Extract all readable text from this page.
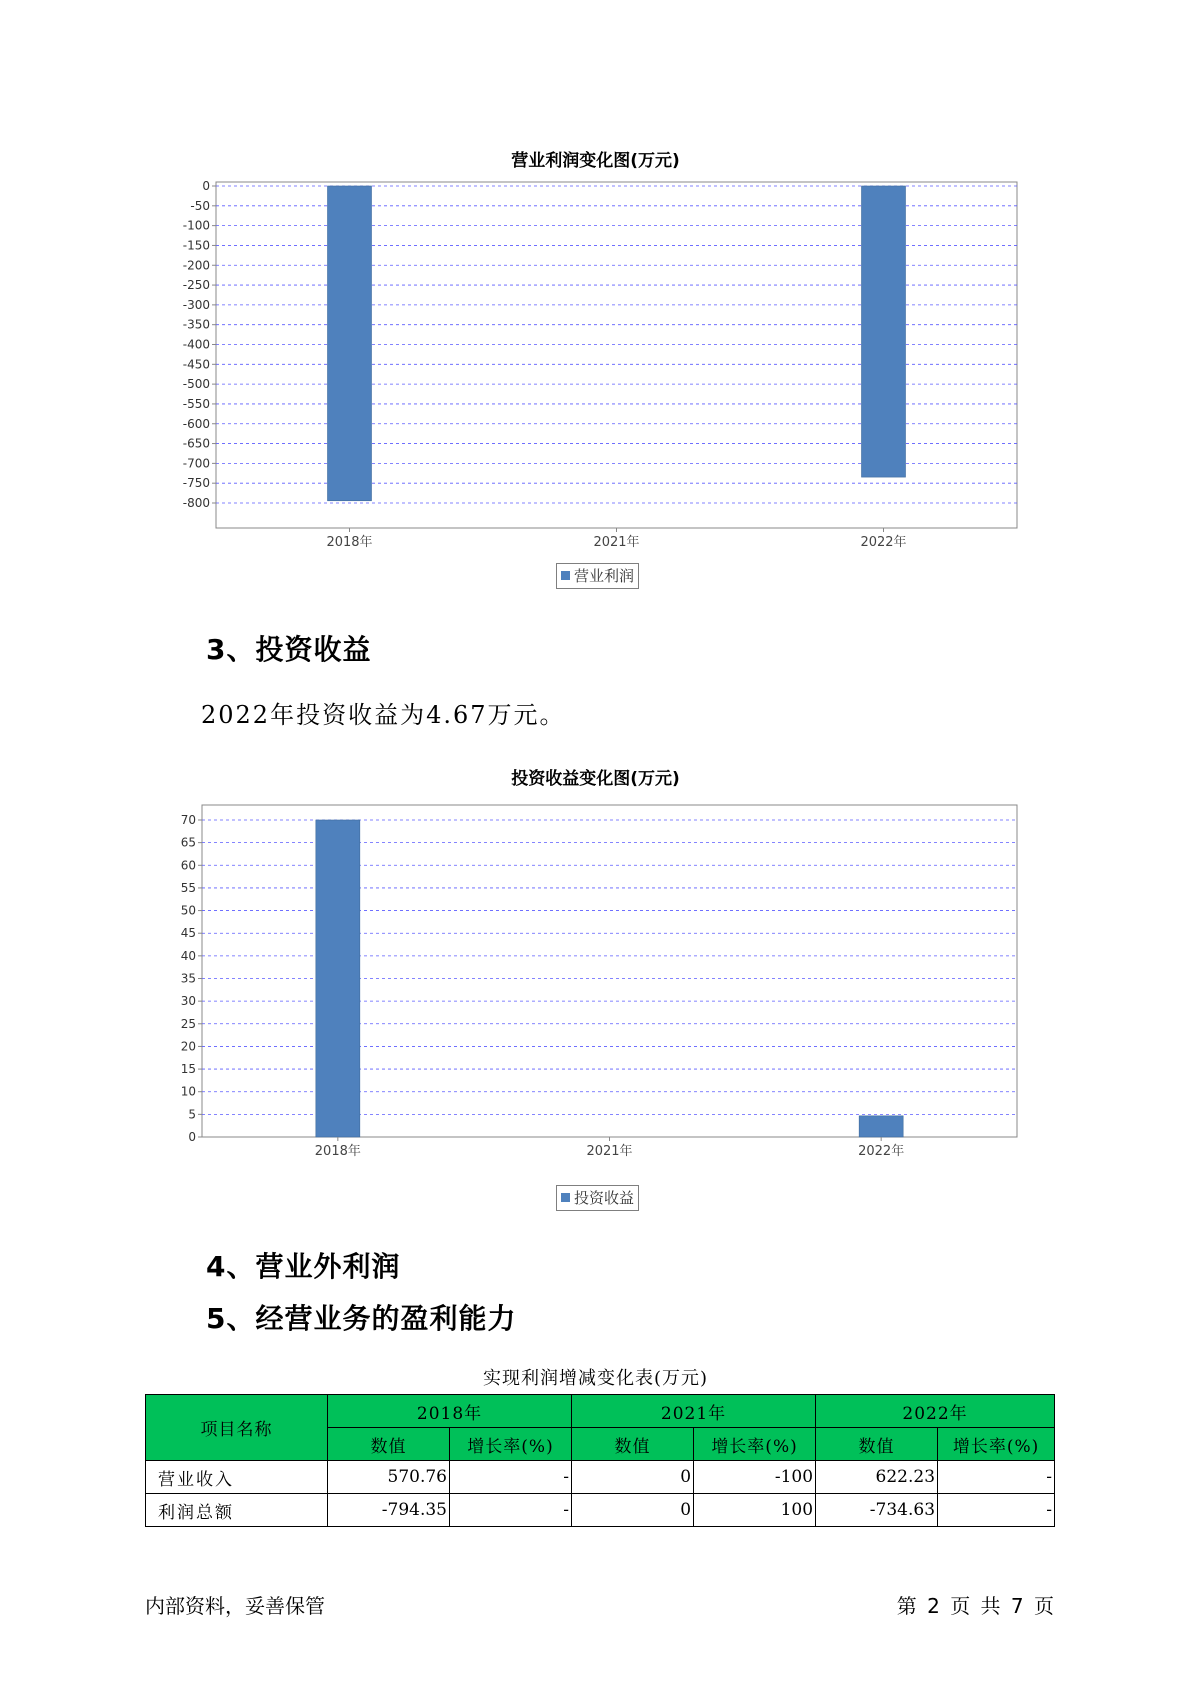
营业利润变化图(万元)
0
-50
-100
-150
-200
-250
-300
-350
-400
-450
-500
-550
-600
-650
-700
-750
-800
2018年	2021年	2022年
营业利润
3、投资收益
2022年投资收益为4.67万元。
投资收益变化图(万元)
0
5
10
15
20
25
30
35
40
45
50
55
60
65
70
2018年	2021年	2022年
投资收益
4、营业外利润
5、经营业务的盈利能力
实现利润增减变化表(万元)
项目名称	2018年		2021年		2022年	
	数值	增长率(%)	数值	增长率(%)	数值	增长率(%)
营业收入	570.76	-	0	-100	622.23	-
利润总额	-794.35	-	0	100	-734.63	-
内部资料，妥善保管	第 2 页 共 7 页
